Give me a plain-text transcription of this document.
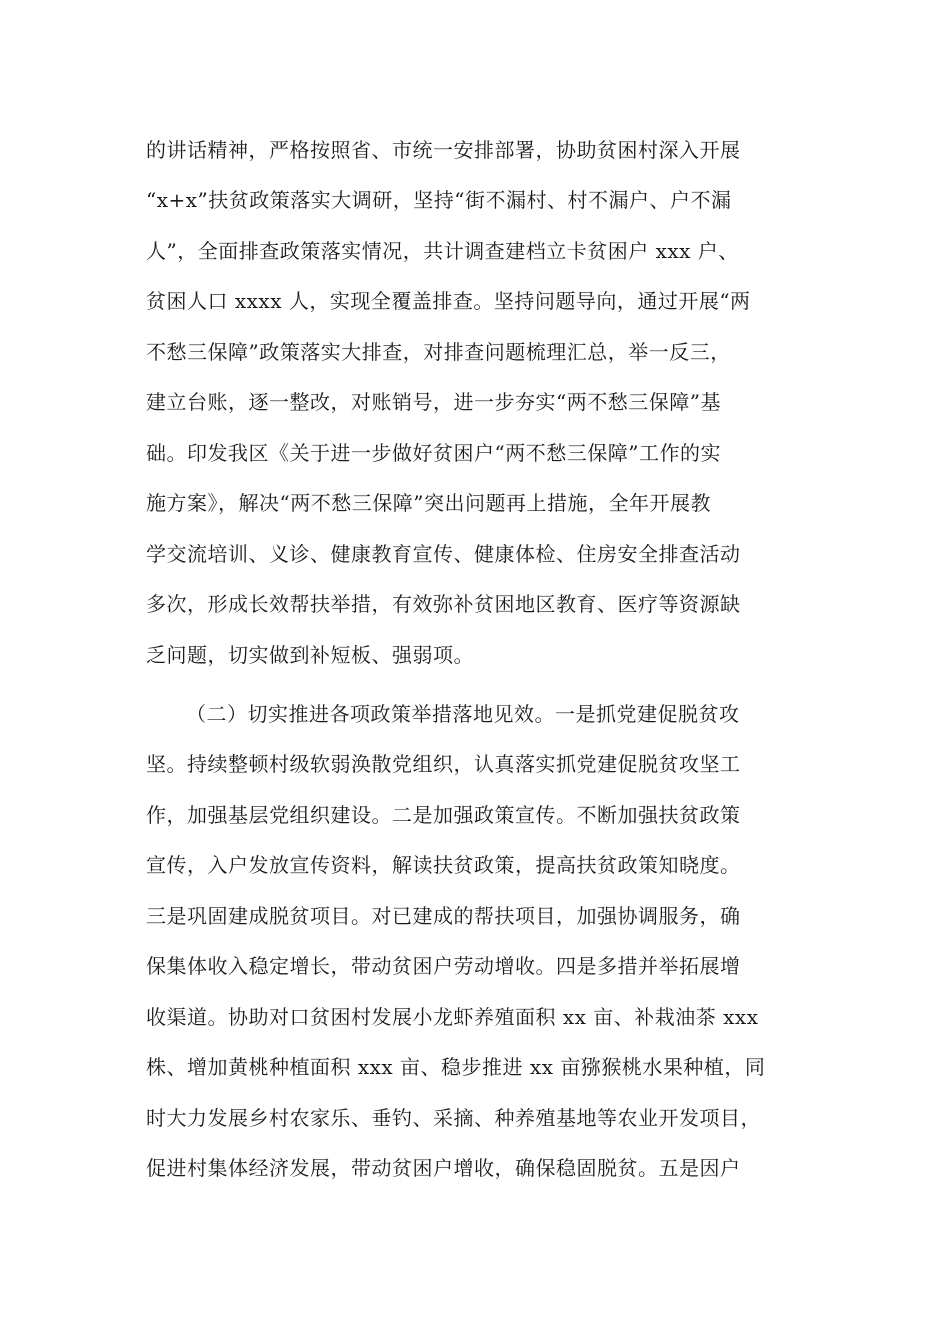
的讲话精神，严格按照省、市统一安排部署，协助贫困村深入开展

“x+x”扶贫政策落实大调研，坚持“街不漏村、村不漏户、户不漏

人”，全面排查政策落实情况，共计调查建档立卡贫困户 xxx 户、

贫困人口 xxxx 人，实现全覆盖排查。坚持问题导向，通过开展“两

不愁三保障”政策落实大排查，对排查问题梳理汇总，举一反三，

建立台账，逐一整改，对账销号，进一步夯实“两不愁三保障”基

础。印发我区《关于进一步做好贫困户“两不愁三保障”工作的实

施方案》，解决“两不愁三保障”突出问题再上措施，全年开展教

学交流培训、义诊、健康教育宣传、健康体检、住房安全排查活动

多次，形成长效帮扶举措，有效弥补贫困地区教育、医疗等资源缺

乏问题，切实做到补短板、强弱项。

（二）切实推进各项政策举措落地见效。一是抓党建促脱贫攻

坚。持续整顿村级软弱涣散党组织，认真落实抓党建促脱贫攻坚工

作，加强基层党组织建设。二是加强政策宣传。不断加强扶贫政策

宣传，入户发放宣传资料，解读扶贫政策，提高扶贫政策知晓度。

三是巩固建成脱贫项目。对已建成的帮扶项目，加强协调服务，确

保集体收入稳定增长，带动贫困户劳动增收。四是多措并举拓展增

收渠道。协助对口贫困村发展小龙虾养殖面积 xx 亩、补栽油茶 xxx

株、增加黄桃种植面积 xxx 亩、稳步推进 xx 亩猕猴桃水果种植，同

时大力发展乡村农家乐、垂钓、采摘、种养殖基地等农业开发项目，

促进村集体经济发展，带动贫困户增收，确保稳固脱贫。五是因户
